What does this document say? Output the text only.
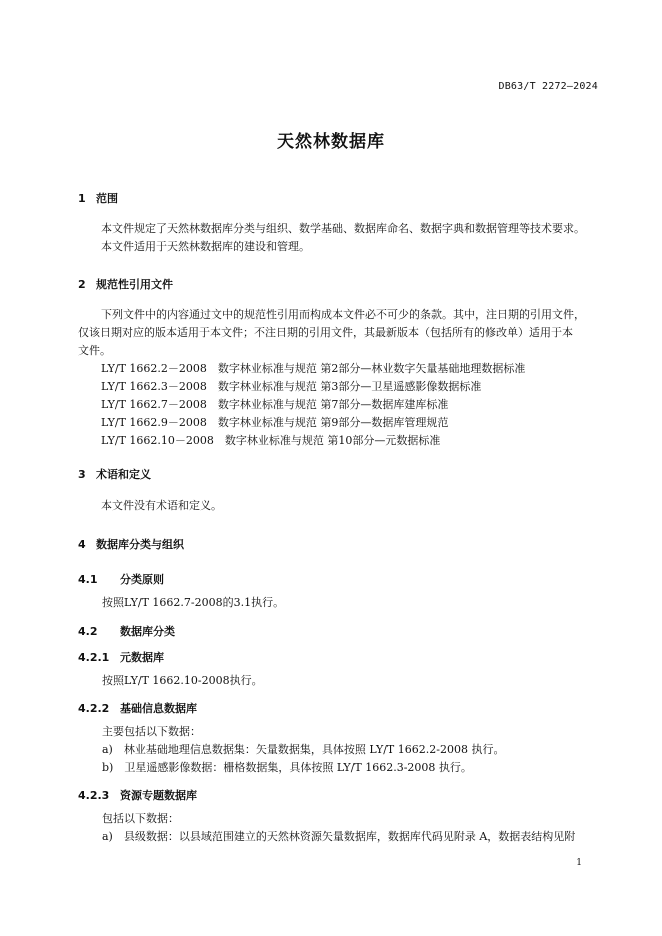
DB63/T 2272—2024
天然林数据库
1 范围
本文件规定了天然林数据库分类与组织、数学基础、数据库命名、数据字典和数据管理等技术要求。
本文件适用于天然林数据库的建设和管理。
2 规范性引用文件
下列文件中的内容通过文中的规范性引用而构成本文件必不可少的条款。其中，注日期的引用文件，
仅该日期对应的版本适用于本文件；不注日期的引用文件，其最新版本（包括所有的修改单）适用于本
文件。
LY/T 1662.2－2008　数字林业标准与规范 第2部分—林业数字矢量基础地理数据标准
LY/T 1662.3－2008　数字林业标准与规范 第3部分—卫星遥感影像数据标准
LY/T 1662.7－2008　数字林业标准与规范 第7部分—数据库建库标准
LY/T 1662.9－2008　数字林业标准与规范 第9部分—数据库管理规范
LY/T 1662.10－2008　数字林业标准与规范 第10部分—元数据标准
3 术语和定义
本文件没有术语和定义。
4 数据库分类与组织
4.1 分类原则
按照LY/T 1662.7-2008的3.1执行。
4.2 数据库分类
4.2.1 元数据库
按照LY/T 1662.10-2008执行。
4.2.2 基础信息数据库
主要包括以下数据：
a)　林业基础地理信息数据集：矢量数据集，具体按照 LY/T 1662.2-2008 执行。
b)　卫星遥感影像数据：栅格数据集，具体按照 LY/T 1662.3-2008 执行。
4.2.3 资源专题数据库
包括以下数据：
a)　县级数据：以县域范围建立的天然林资源矢量数据库，数据库代码见附录 A，数据表结构见附
1
